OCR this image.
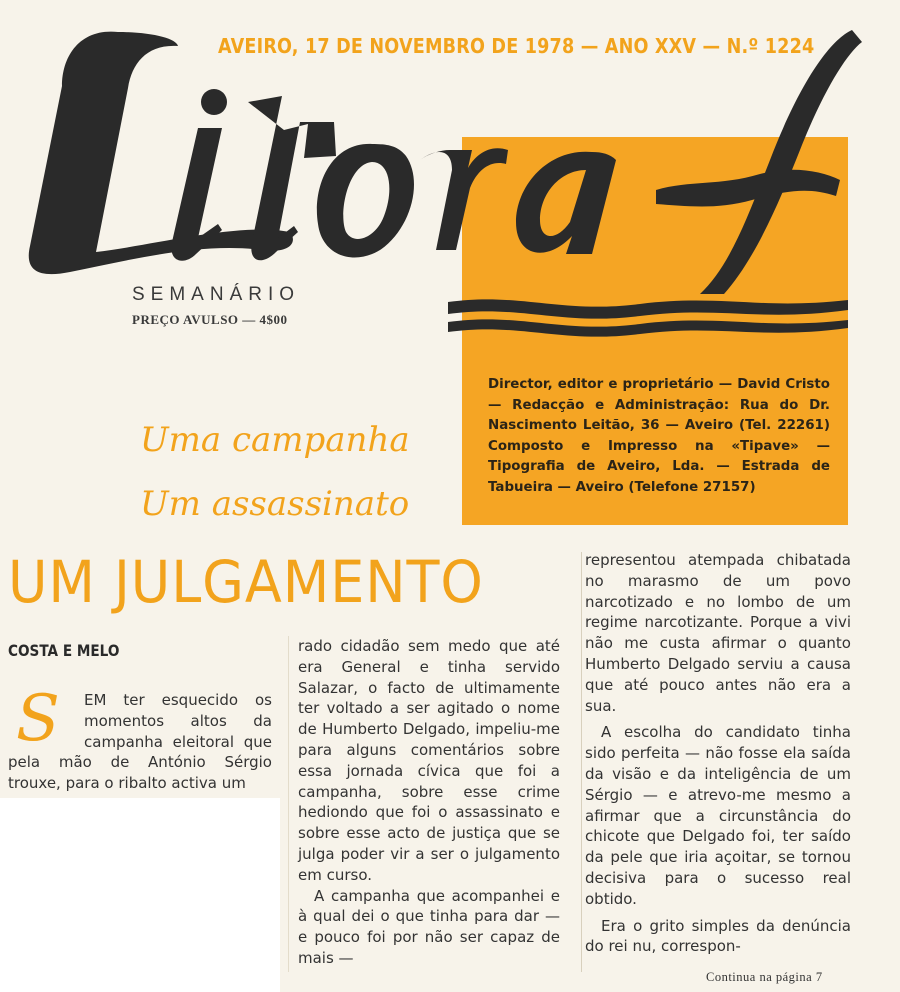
AVEIRO, 17 DE NOVEMBRO DE 1978 — ANO XXV — N.º 1224
SEMANÁRIO
PREÇO AVULSO — 4$00
Director, editor e proprietário — David Cristo — Redacção e Administração: Rua do Dr. Nascimento Leitão, 36 — Aveiro (Tel. 22261) Composto e Impresso na «Tipave» — Tipografia de Aveiro, Lda. — Estrada de Tabueira — Aveiro (Telefone 27157)
Uma campanha
Um assassinato
UM JULGAMENTO
COSTA E MELO
S	EM ter esquecido os momentos altos da campanha eleitoral que pela mão de António Sérgio trouxe, para o ribalto activa um

rado cidadão sem medo que até era General e tinha servido Salazar, o facto de ultimamente ter voltado a ser agitado o nome de Humberto Delgado, impeliu-me para alguns comentários sobre essa jornada cívica que foi a campanha, sobre esse crime hediondo que foi o assassinato e sobre esse acto de justiça que se julga poder vir a ser o julgamento em curso.

A campanha que acompanhei e à qual dei o que tinha para dar — e pouco foi por não ser capaz de mais —

representou atempada chibatada no marasmo de um povo narcotizado e no lombo de um regime narcotizante. Porque a vivi não me custa afirmar o quanto Humberto Delgado serviu a causa que até pouco antes não era a sua.

A escolha do candidato tinha sido perfeita — não fosse ela saída da visão e da inteligência de um Sérgio — e atrevo-me mesmo a afirmar que a circunstância do chicote que Delgado foi, ter saído da pele que iria açoitar, se tornou decisiva para o sucesso real obtido.

Era o grito simples da denúncia do rei nu, correspon-

Continua na página 7
